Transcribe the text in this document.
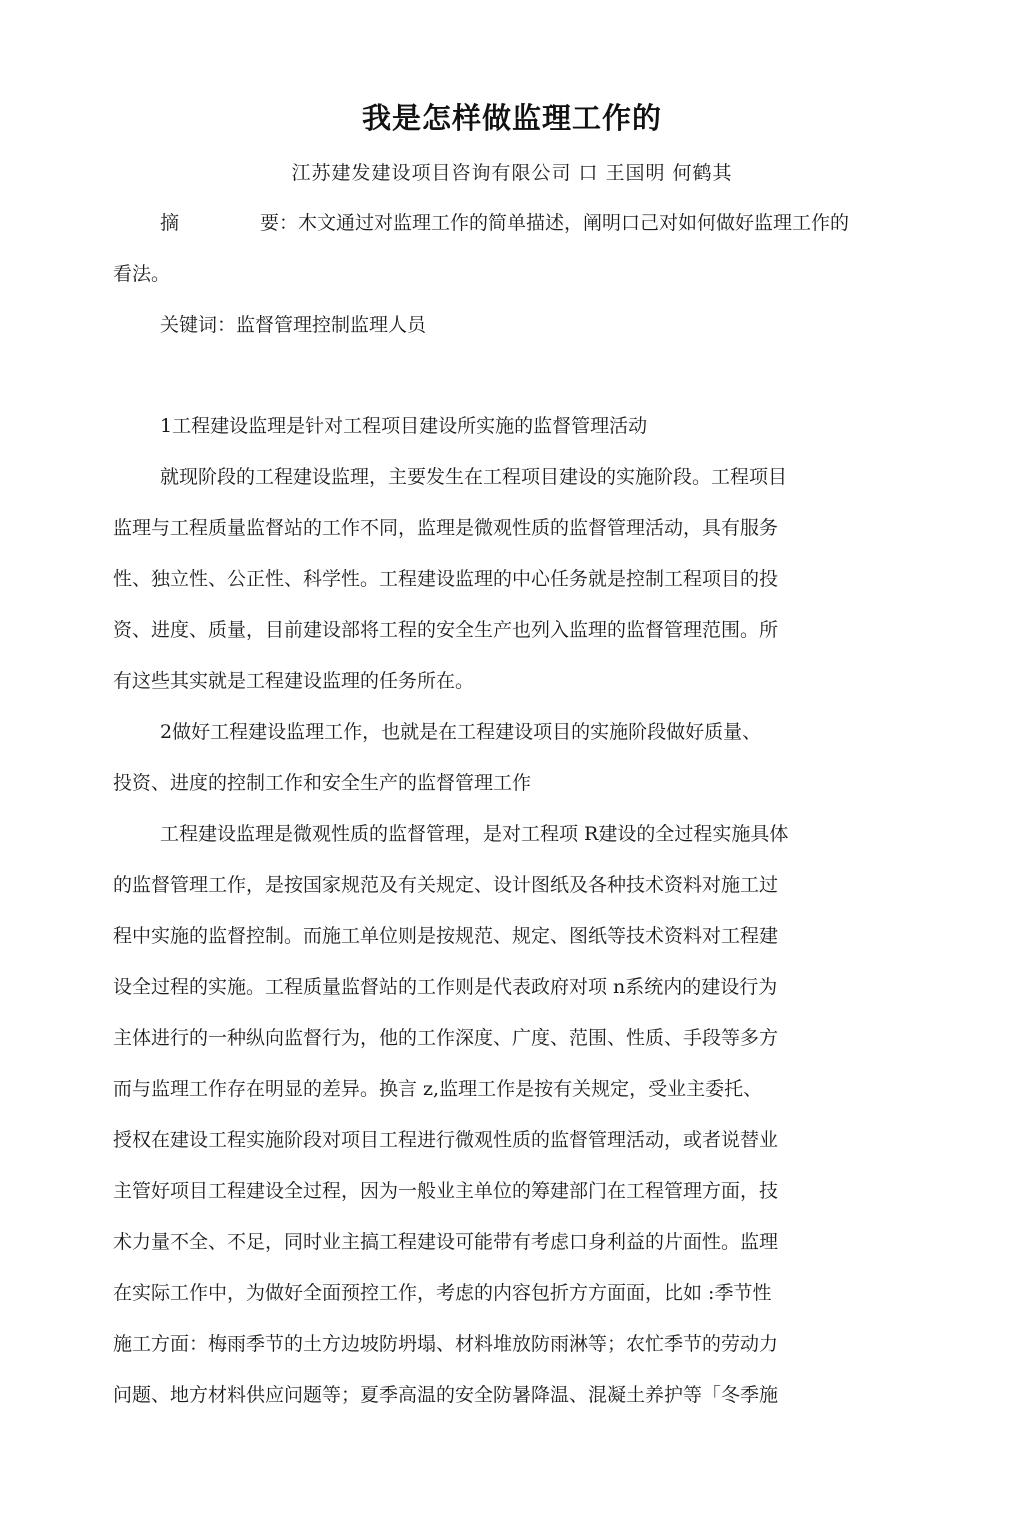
我是怎样做监理工作的
江苏建发建设项目咨询有限公司 口 王国明 何鹤其
摘	要：木文通过对监理工作的简单描述，阐明口己对如何做好监理工作的
看法。
关键词：监督管理控制监理人员
1工程建设监理是针对工程项目建设所实施的监督管理活动
就现阶段的工程建设监理，主要发生在工程项目建设的实施阶段。工程项目
监理与工程质量监督站的工作不同，监理是微观性质的监督管理活动，具有服务
性、独立性、公正性、科学性。工程建设监理的中心任务就是控制工程项目的投
资、进度、质量，目前建设部将工程的安全生产也列入监理的监督管理范围。所
有这些其实就是工程建设监理的任务所在。
2做好工程建设监理工作，也就是在工程建设项目的实施阶段做好质量、
投资、进度的控制工作和安全生产的监督管理工作
工程建设监理是微观性质的监督管理，是对工程项 R建设的全过程实施具体
的监督管理工作，是按国家规范及有关规定、设计图纸及各种技术资料对施工过
程中实施的监督控制。而施工单位则是按规范、规定、图纸等技术资料对工程建
设全过程的实施。工程质量监督站的工作则是代表政府对项 n系统内的建设行为
主体进行的一种纵向监督行为，他的工作深度、广度、范围、性质、手段等多方
而与监理工作存在明显的差异。换言 z,监理工作是按有关规定，受业主委托、
授权在建设工程实施阶段对项目工程进行微观性质的监督管理活动，或者说替业
主管好项目工程建设全过程，因为一般业主单位的筹建部门在工程管理方面，技
术力量不全、不足，同时业主搞工程建设可能带有考虑口身利益的片面性。监理
在实际工作中，为做好全面预控工作，考虑的内容包折方方面面，比如 :季节性
施工方面：梅雨季节的土方边坡防坍塌、材料堆放防雨淋等；农忙季节的劳动力
问题、地方材料供应问题等；夏季高温的安全防暑降温、混凝土养护等「冬季施
